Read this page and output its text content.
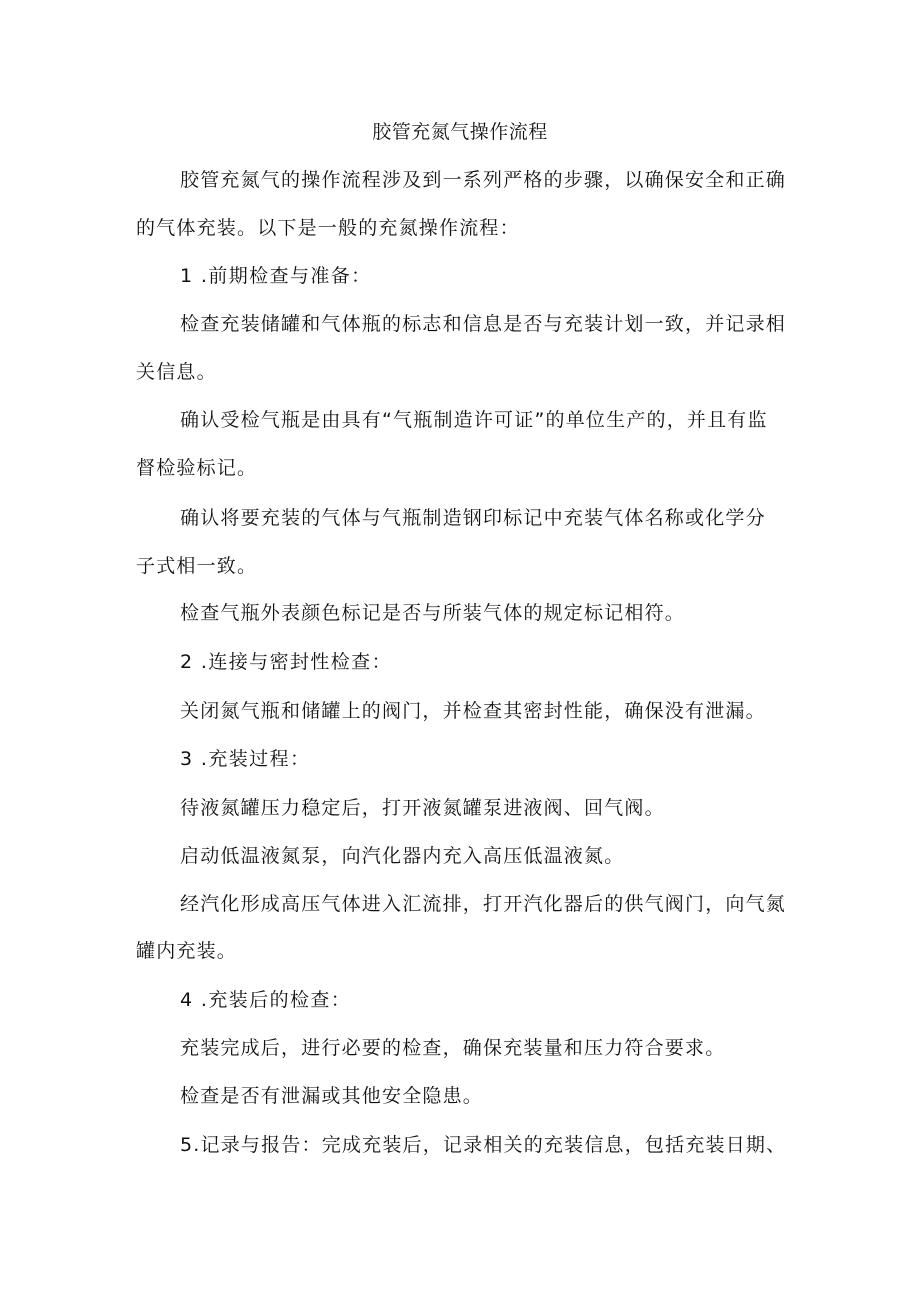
胶管充氮气操作流程
胶管充氮气的操作流程涉及到一系列严格的步骤，以确保安全和正确
的气体充装。以下是一般的充氮操作流程：
1 .前期检查与准备：
检查充装储罐和气体瓶的标志和信息是否与充装计划一致，并记录相
关信息。
确认受检气瓶是由具有“气瓶制造许可证”的单位生产的，并且有监
督检验标记。
确认将要充装的气体与气瓶制造钢印标记中充装气体名称或化学分
子式相一致。
检查气瓶外表颜色标记是否与所装气体的规定标记相符。
2 .连接与密封性检查：
关闭氮气瓶和储罐上的阀门，并检查其密封性能，确保没有泄漏。
3 .充装过程：
待液氮罐压力稳定后，打开液氮罐泵进液阀、回气阀。
启动低温液氮泵，向汽化器内充入高压低温液氮。
经汽化形成高压气体进入汇流排，打开汽化器后的供气阀门，向气氮
罐内充装。
4 .充装后的检查：
充装完成后，进行必要的检查，确保充装量和压力符合要求。
检查是否有泄漏或其他安全隐患。
5.记录与报告：完成充装后，记录相关的充装信息，包括充装日期、
